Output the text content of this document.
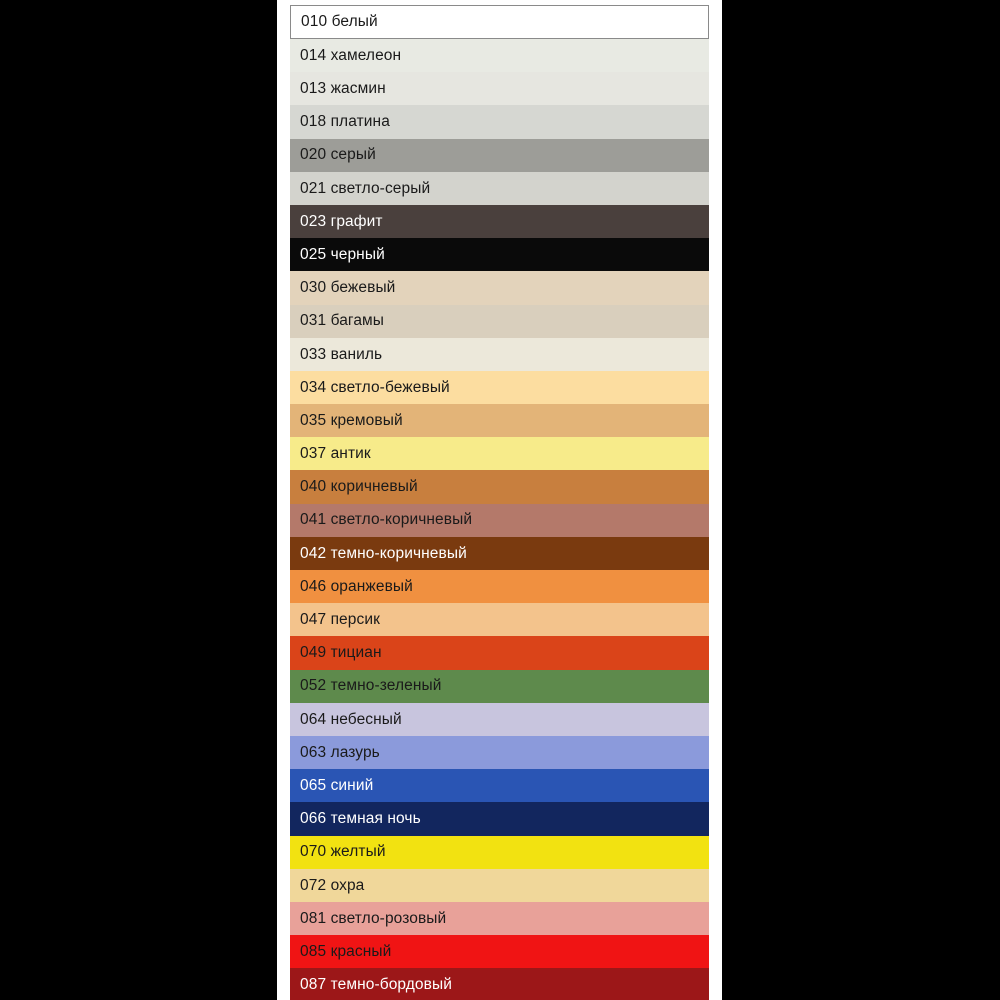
010 белый
014 хамелеон
013 жасмин
018 платина
020 серый
021 светло-серый
023 графит
025 черный
030 бежевый
031 багамы
033 ваниль
034 светло-бежевый
035 кремовый
037 антик
040 коричневый
041 светло-коричневый
042 темно-коричневый
046 оранжевый
047 персик
049 тициан
052 темно-зеленый
064 небесный
063 лазурь
065 синий
066 темная ночь
070 желтый
072 охра
081 светло-розовый
085 красный
087 темно-бордовый
